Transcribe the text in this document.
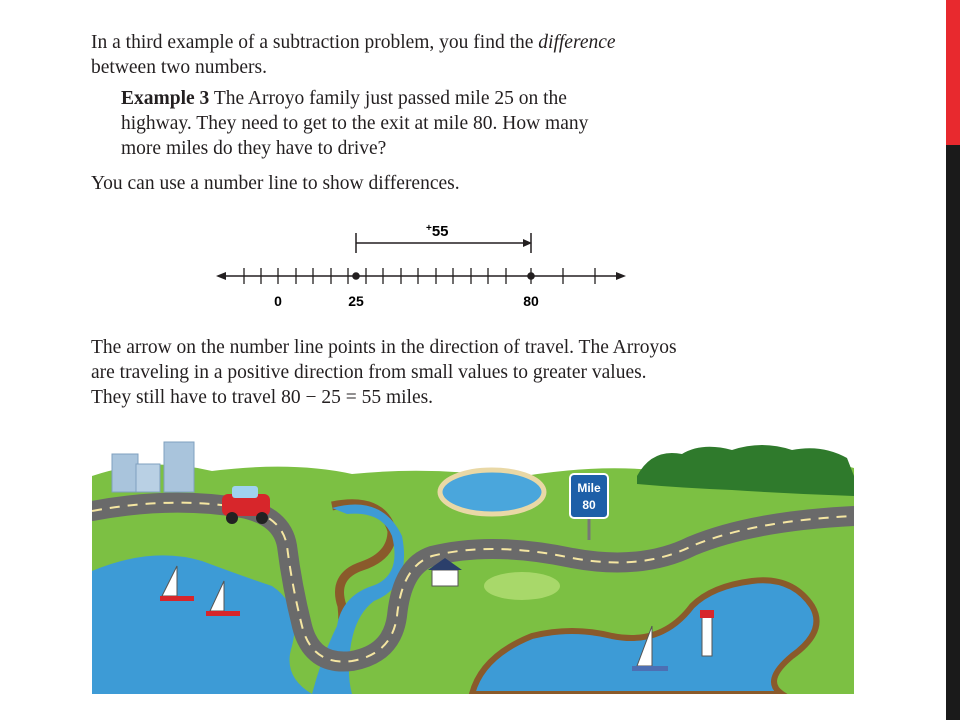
In a third example of a subtraction problem, you find the difference
between two numbers.

Example 3 The Arroyo family just passed mile 25 on the
highway. They need to get to the exit at mile 80. How many
more miles do they have to drive?

You can use a number line to show differences.

+55
0	25	80

The arrow on the number line points in the direction of travel. The Arroyos
are traveling in a positive direction from small values to greater values.
They still have to travel 80 − 25 = 55 miles.

Mile
80
